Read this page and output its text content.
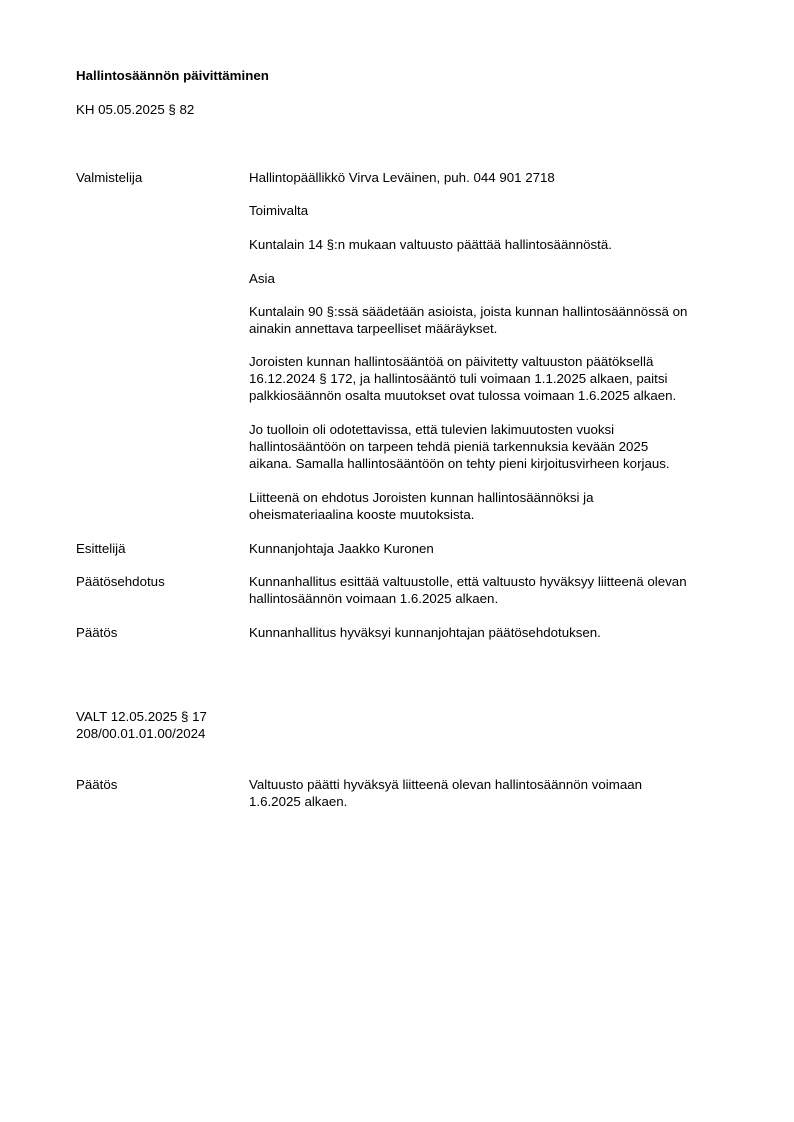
Hallintosäännön päivittäminen
KH 05.05.2025 § 82
Valmistelija	Hallintopäällikkö Virva Leväinen, puh. 044 901 2718

Toimivalta

Kuntalain 14 §:n mukaan valtuusto päättää hallintosäännöstä.

Asia

Kuntalain 90 §:ssä säädetään asioista, joista kunnan hallintosäännössä on

ainakin annettava tarpeelliset määräykset.

Joroisten kunnan hallintosääntöä on päivitetty valtuuston päätöksellä

16.12.2024 § 172, ja hallintosääntö tuli voimaan 1.1.2025 alkaen, paitsi

palkkiosäännön osalta muutokset ovat tulossa voimaan 1.6.2025 alkaen.

Jo tuolloin oli odotettavissa, että tulevien lakimuutosten vuoksi

hallintosääntöön on tarpeen tehdä pieniä tarkennuksia kevään 2025

aikana. Samalla hallintosääntöön on tehty pieni kirjoitusvirheen korjaus.

Liitteenä on ehdotus Joroisten kunnan hallintosäännöksi ja

oheismateriaalina kooste muutoksista.

Esittelijä	Kunnanjohtaja Jaakko Kuronen

Päätösehdotus	Kunnanhallitus esittää valtuustolle, että valtuusto hyväksyy liitteenä olevan

hallintosäännön voimaan 1.6.2025 alkaen.

Päätös	Kunnanhallitus hyväksyi kunnanjohtajan päätösehdotuksen.

VALT 12.05.2025 § 17

208/00.01.01.00/2024

Päätös	Valtuusto päätti hyväksyä liitteenä olevan hallintosäännön voimaan

1.6.2025 alkaen.
